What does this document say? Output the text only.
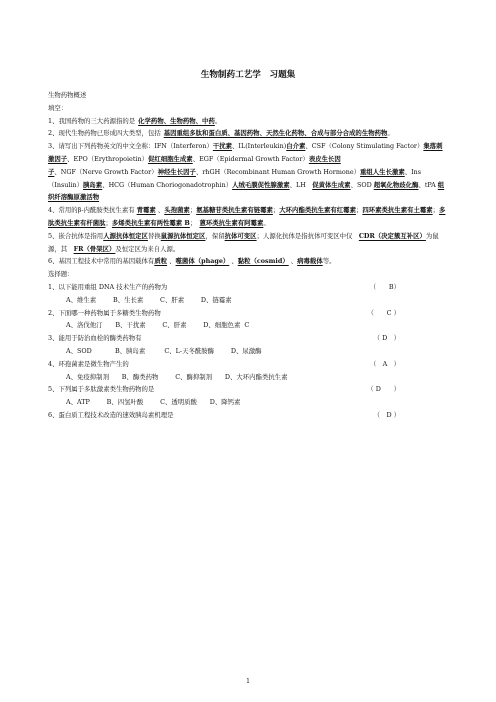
生物制药工艺学　习题集
生物药物概述
填空：
1、我国药物的三大药源指的是 化学药物、生物药物、中药。
2、现代生物药物已形成四大类型，包括 基因重组多肽和蛋白质、基因药物、天然生化药物、合成与部分合成的生物药物。
3、请写出下列药物英文的中文全称：IFN（Interferon）干扰素、IL(Interleukin)白介素、CSF（Colony Stimulating Factor）集落刺激因子、EPO（Erythropoietin）促红细胞生成素、EGF（Epidermal Growth Factor）表皮生长因子、NGF（Nerve Growth Factor）神经生长因子、rhGH（Recombinant Human Growth Hormone）重组人生长激素、Ins（Insulin）胰岛素、HCG（Human Choriogonadotrophin）人绒毛膜促性腺激素、LH　促黄体生成素、SOD 超氧化物歧化酶、tPA 组织纤溶酶原激活物
4、常用的β-内酰胺类抗生素有 青霉素 、头孢菌素；氨基糖苷类抗生素有链霉素；大环内酯类抗生素有红霉素；四环素类抗生素有土霉素；多肽类抗生素有杆菌肽；多烯类抗生素有两性霉素 B；　蒽环类抗生素有阿霉素。
5、嵌合抗体是指用人源抗体恒定区替换鼠源抗体恒定区，保留抗体可变区；人源化抗体是指抗体可变区中仅　CDR（决定簇互补区）为鼠源，其　FR（骨架区）及恒定区为来自人源。
6、基因工程技术中常用的基因载体有质粒 、噬菌体（phage） 、黏粒（cosmid） 、病毒载体等。
选择题：
（　　B）
1、以下能用重组 DNA 技术生产的药物为
A、维生素　　 B、生长素　　 C、肝素　　 D、链霉素
（　　C ）
2、下面哪一种药物属于多糖类生物药物
A、洛伐他汀　　B、干扰素　　 C、肝素　　 D、细胞色素 C
（ D　）
3、能用于防治血栓的酶类药物有
A、SOD　　　 B、胰岛素　　　C、L-天冬酰胺酶　　 D、尿激酶
（　A　）
4、环孢菌素是微生物产生的
A、免疫抑制剂　　B、酶类药物　　 C、酶抑制剂　　D、大环内酯类抗生素
（ D　　）
5、下列属于多肽激素类生物药物的是
A、ATP　　 B、四氢叶酸　　 C、透明质酸　　D、降钙素
（　D ）
6、蛋白质工程技术改造的速效胰岛素机理是
1
